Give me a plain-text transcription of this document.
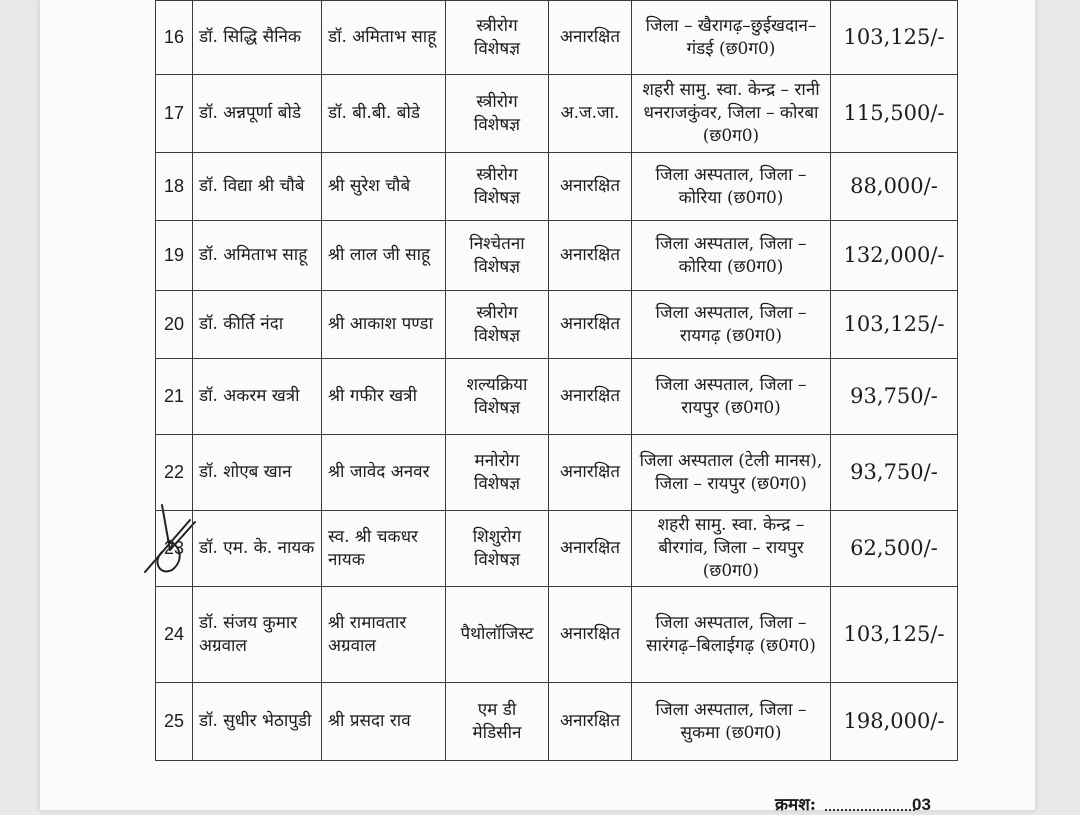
16	डॉ. सिद्धि सैनिक	डॉ. अमिताभ साहू	स्त्रीरोग विशेषज्ञ	अनारक्षित	जिला – खैरागढ़–छुईखदान–गंडई (छ0ग0)	103,125/-
17	डॉ. अन्नपूर्णा बोडे	डॉ. बी.बी. बोडे	स्त्रीरोग विशेषज्ञ	अ.ज.जा.	शहरी सामु. स्वा. केन्द्र – रानी धनराजकुंवर, जिला – कोरबा (छ0ग0)	115,500/-
18	डॉ. विद्या श्री चौबे	श्री सुरेश चौबे	स्त्रीरोग विशेषज्ञ	अनारक्षित	जिला अस्पताल, जिला – कोरिया (छ0ग0)	88,000/-
19	डॉ. अमिताभ साहू	श्री लाल जी साहू	निश्चेतना विशेषज्ञ	अनारक्षित	जिला अस्पताल, जिला – कोरिया (छ0ग0)	132,000/-
20	डॉ. कीर्ति नंदा	श्री आकाश पण्डा	स्त्रीरोग विशेषज्ञ	अनारक्षित	जिला अस्पताल, जिला – रायगढ़ (छ0ग0)	103,125/-
21	डॉ. अकरम खत्री	श्री गफीर खत्री	शल्यक्रिया विशेषज्ञ	अनारक्षित	जिला अस्पताल, जिला – रायपुर (छ0ग0)	93,750/-
22	डॉ. शोएब खान	श्री जावेद अनवर	मनोरोग विशेषज्ञ	अनारक्षित	जिला अस्पताल (टेली मानस), जिला – रायपुर (छ0ग0)	93,750/-
23	डॉ. एम. के. नायक	स्व. श्री चकधर नायक	शिशुरोग विशेषज्ञ	अनारक्षित	शहरी सामु. स्वा. केन्द्र – बीरगांव, जिला – रायपुर (छ0ग0)	62,500/-
24	डॉ. संजय कुमार अग्रवाल	श्री रामावतार अग्रवाल	पैथोलॉजिस्ट	अनारक्षित	जिला अस्पताल, जिला – सारंगढ़–बिलाईगढ़ (छ0ग0)	103,125/-
25	डॉ. सुधीर भेठापुडी	श्री प्रसदा राव	एम डी मेडिसीन	अनारक्षित	जिला अस्पताल, जिला – सुकमा (छ0ग0)	198,000/-
क्रमश:	03
